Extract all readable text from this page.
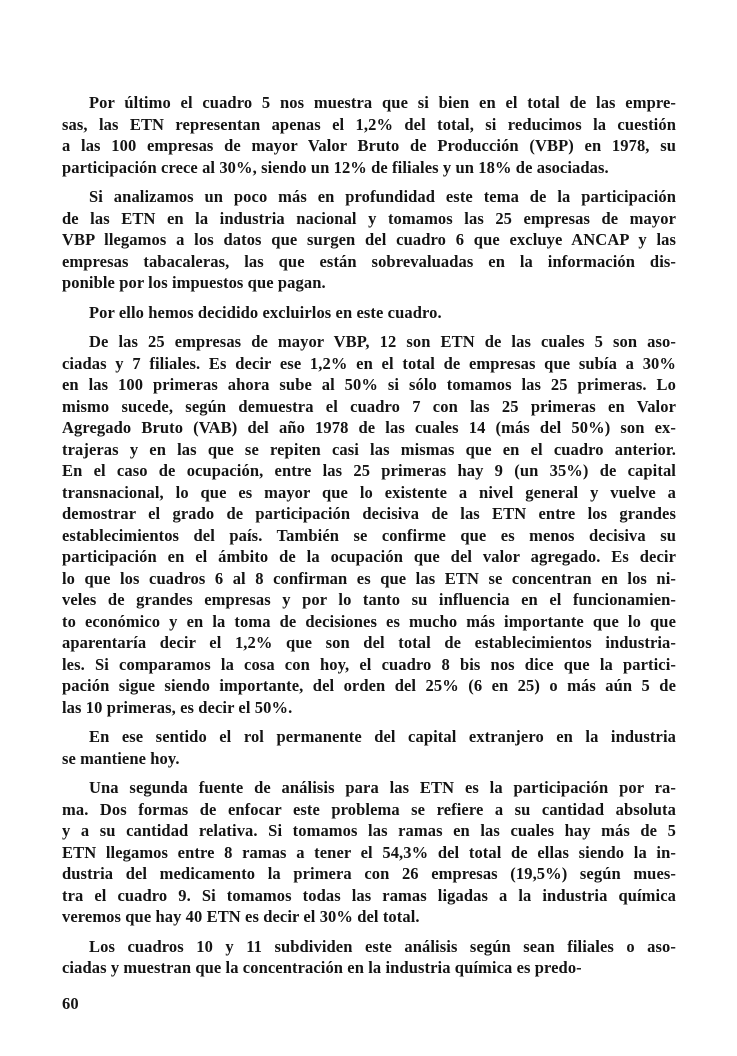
Por último el cuadro 5 nos muestra que si bien en el total de las empre-
sas, las ETN representan apenas el 1,2% del total, si reducimos la cuestión
a las 100 empresas de mayor Valor Bruto de Producción (VBP) en 1978, su
participación crece al 30%, siendo un 12% de filiales y un 18% de asociadas.
Si analizamos un poco más en profundidad este tema de la participación
de las ETN en la industria nacional y tomamos las 25 empresas de mayor
VBP llegamos a los datos que surgen del cuadro 6 que excluye ANCAP y las
empresas tabacaleras, las que están sobrevaluadas en la información dis-
ponible por los impuestos que pagan.
Por ello hemos decidido excluirlos en este cuadro.
De las 25 empresas de mayor VBP, 12 son ETN de las cuales 5 son aso-
ciadas y 7 filiales. Es decir ese 1,2% en el total de empresas que subía a 30%
en las 100 primeras ahora sube al 50% si sólo tomamos las 25 primeras. Lo
mismo sucede, según demuestra el cuadro 7 con las 25 primeras en Valor
Agregado Bruto (VAB) del año 1978 de las cuales 14 (más del 50%) son ex-
trajeras y en las que se repiten casi las mismas que en el cuadro anterior.
En el caso de ocupación, entre las 25 primeras hay 9 (un 35%) de capital
transnacional, lo que es mayor que lo existente a nivel general y vuelve a
demostrar el grado de participación decisiva de las ETN entre los grandes
establecimientos del país. También se confirme que es menos decisiva su
participación en el ámbito de la ocupación que del valor agregado. Es decir
lo que los cuadros 6 al 8 confirman es que las ETN se concentran en los ni-
veles de grandes empresas y por lo tanto su influencia en el funcionamien-
to económico y en la toma de decisiones es mucho más importante que lo que
aparentaría decir el 1,2% que son del total de establecimientos industria-
les. Si comparamos la cosa con hoy, el cuadro 8 bis nos dice que la partici-
pación sigue siendo importante, del orden del 25% (6 en 25) o más aún 5 de
las 10 primeras, es decir el 50%.
En ese sentido el rol permanente del capital extranjero en la industria
se mantiene hoy.
Una segunda fuente de análisis para las ETN es la participación por ra-
ma. Dos formas de enfocar este problema se refiere a su cantidad absoluta
y a su cantidad relativa. Si tomamos las ramas en las cuales hay más de 5
ETN llegamos entre 8 ramas a tener el 54,3% del total de ellas siendo la in-
dustria del medicamento la primera con 26 empresas (19,5%) según mues-
tra el cuadro 9. Si tomamos todas las ramas ligadas a la industria química
veremos que hay 40 ETN es decir el 30% del total.
Los cuadros 10 y 11 subdividen este análisis según sean filiales o aso-
ciadas y muestran que la concentración en la industria química es predo-
60
